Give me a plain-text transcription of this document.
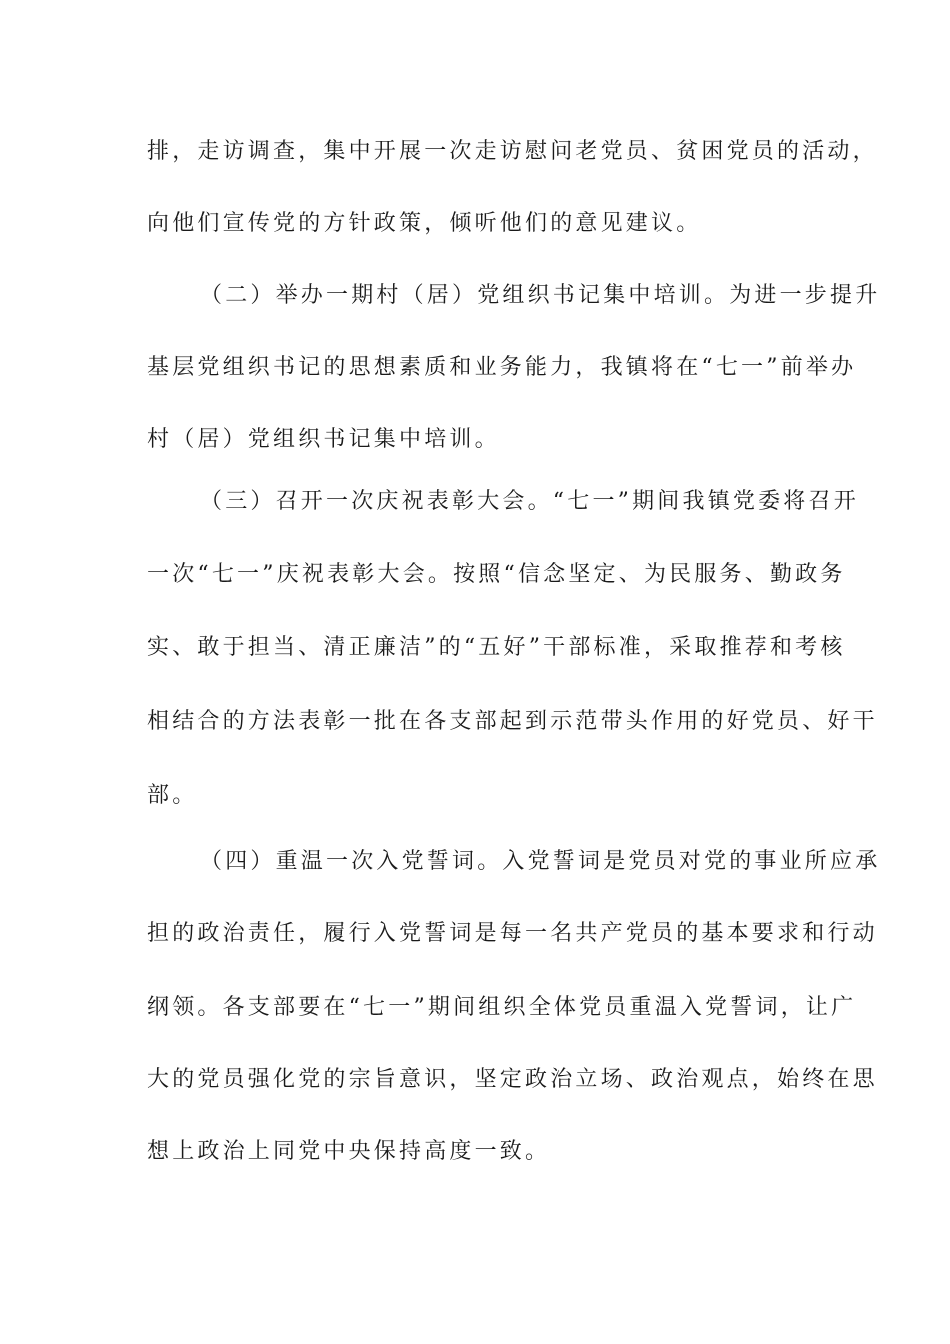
排，走访调查，集中开展一次走访慰问老党员、贫困党员的活动，
向他们宣传党的方针政策，倾听他们的意见建议。
（二）举办一期村（居）党组织书记集中培训。为进一步提升
基层党组织书记的思想素质和业务能力，我镇将在“七一”前举办
村（居）党组织书记集中培训。
（三）召开一次庆祝表彰大会。“七一”期间我镇党委将召开
一次“七一”庆祝表彰大会。按照“信念坚定、为民服务、勤政务
实、敢于担当、清正廉洁”的“五好”干部标准，采取推荐和考核
相结合的方法表彰一批在各支部起到示范带头作用的好党员、好干
部。
（四）重温一次入党誓词。入党誓词是党员对党的事业所应承
担的政治责任，履行入党誓词是每一名共产党员的基本要求和行动
纲领。各支部要在“七一”期间组织全体党员重温入党誓词，让广
大的党员强化党的宗旨意识，坚定政治立场、政治观点，始终在思
想上政治上同党中央保持高度一致。
